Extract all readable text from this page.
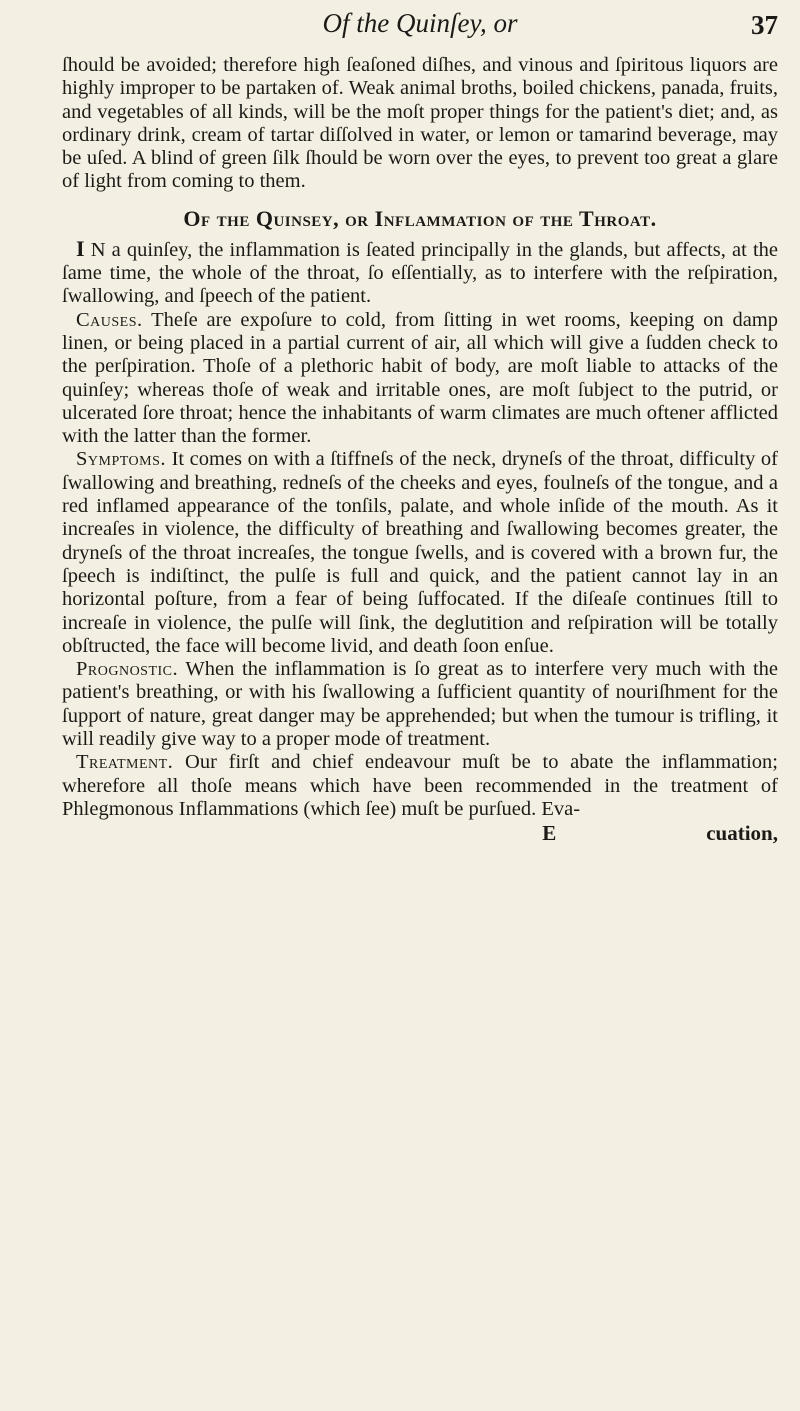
Of the Quinſey, or	37

ſhould be avoided; therefore high ſeaſoned diſhes, and vinous and ſpiritous liquors are highly improper to be partaken of. Weak animal broths, boiled chickens, panada, fruits, and vegetables of all kinds, will be the moſt proper things for the patient's diet; and, as ordinary drink, cream of tartar diſſolved in water, or lemon or tamarind beverage, may be uſed. A blind of green ſilk ſhould be worn over the eyes, to prevent too great a glare of light from coming to them.

Of the Quinsey, or Inflammation of the Throat.

I N a quinſey, the inflammation is ſeated principally in the glands, but affects, at the ſame time, the whole of the throat, ſo eſſentially, as to interfere with the reſpiration, ſwallowing, and ſpeech of the patient.

Causes. Theſe are expoſure to cold, from ſitting in wet rooms, keeping on damp linen, or being placed in a partial current of air, all which will give a ſudden check to the perſpiration. Thoſe of a plethoric habit of body, are moſt liable to attacks of the quinſey; whereas thoſe of weak and irritable ones, are moſt ſubject to the putrid, or ulcerated ſore throat; hence the inhabitants of warm climates are much oftener afflicted with the latter than the former.

Symptoms. It comes on with a ſtiffneſs of the neck, dryneſs of the throat, difficulty of ſwallowing and breathing, redneſs of the cheeks and eyes, foulneſs of the tongue, and a red inflamed appearance of the tonſils, palate, and whole inſide of the mouth. As it increaſes in violence, the difficulty of breathing and ſwallowing becomes greater, the dryneſs of the throat increaſes, the tongue ſwells, and is covered with a brown fur, the ſpeech is indiſtinct, the pulſe is full and quick, and the patient cannot lay in an horizontal poſture, from a fear of being ſuffocated. If the diſeaſe continues ſtill to increaſe in violence, the pulſe will ſink, the deglutition and reſpiration will be totally obſtructed, the face will become livid, and death ſoon enſue.

Prognostic. When the inflammation is ſo great as to interfere very much with the patient's breathing, or with his ſwallowing a ſufficient quantity of nouriſhment for the ſupport of nature, great danger may be apprehended; but when the tumour is trifling, it will readily give way to a proper mode of treatment.

Treatment. Our firſt and chief endeavour muſt be to abate the inflammation; wherefore all thoſe means which have been recommended in the treatment of Phlegmonous Inflammations (which ſee) muſt be purſued. Eva-

E	cuation,
